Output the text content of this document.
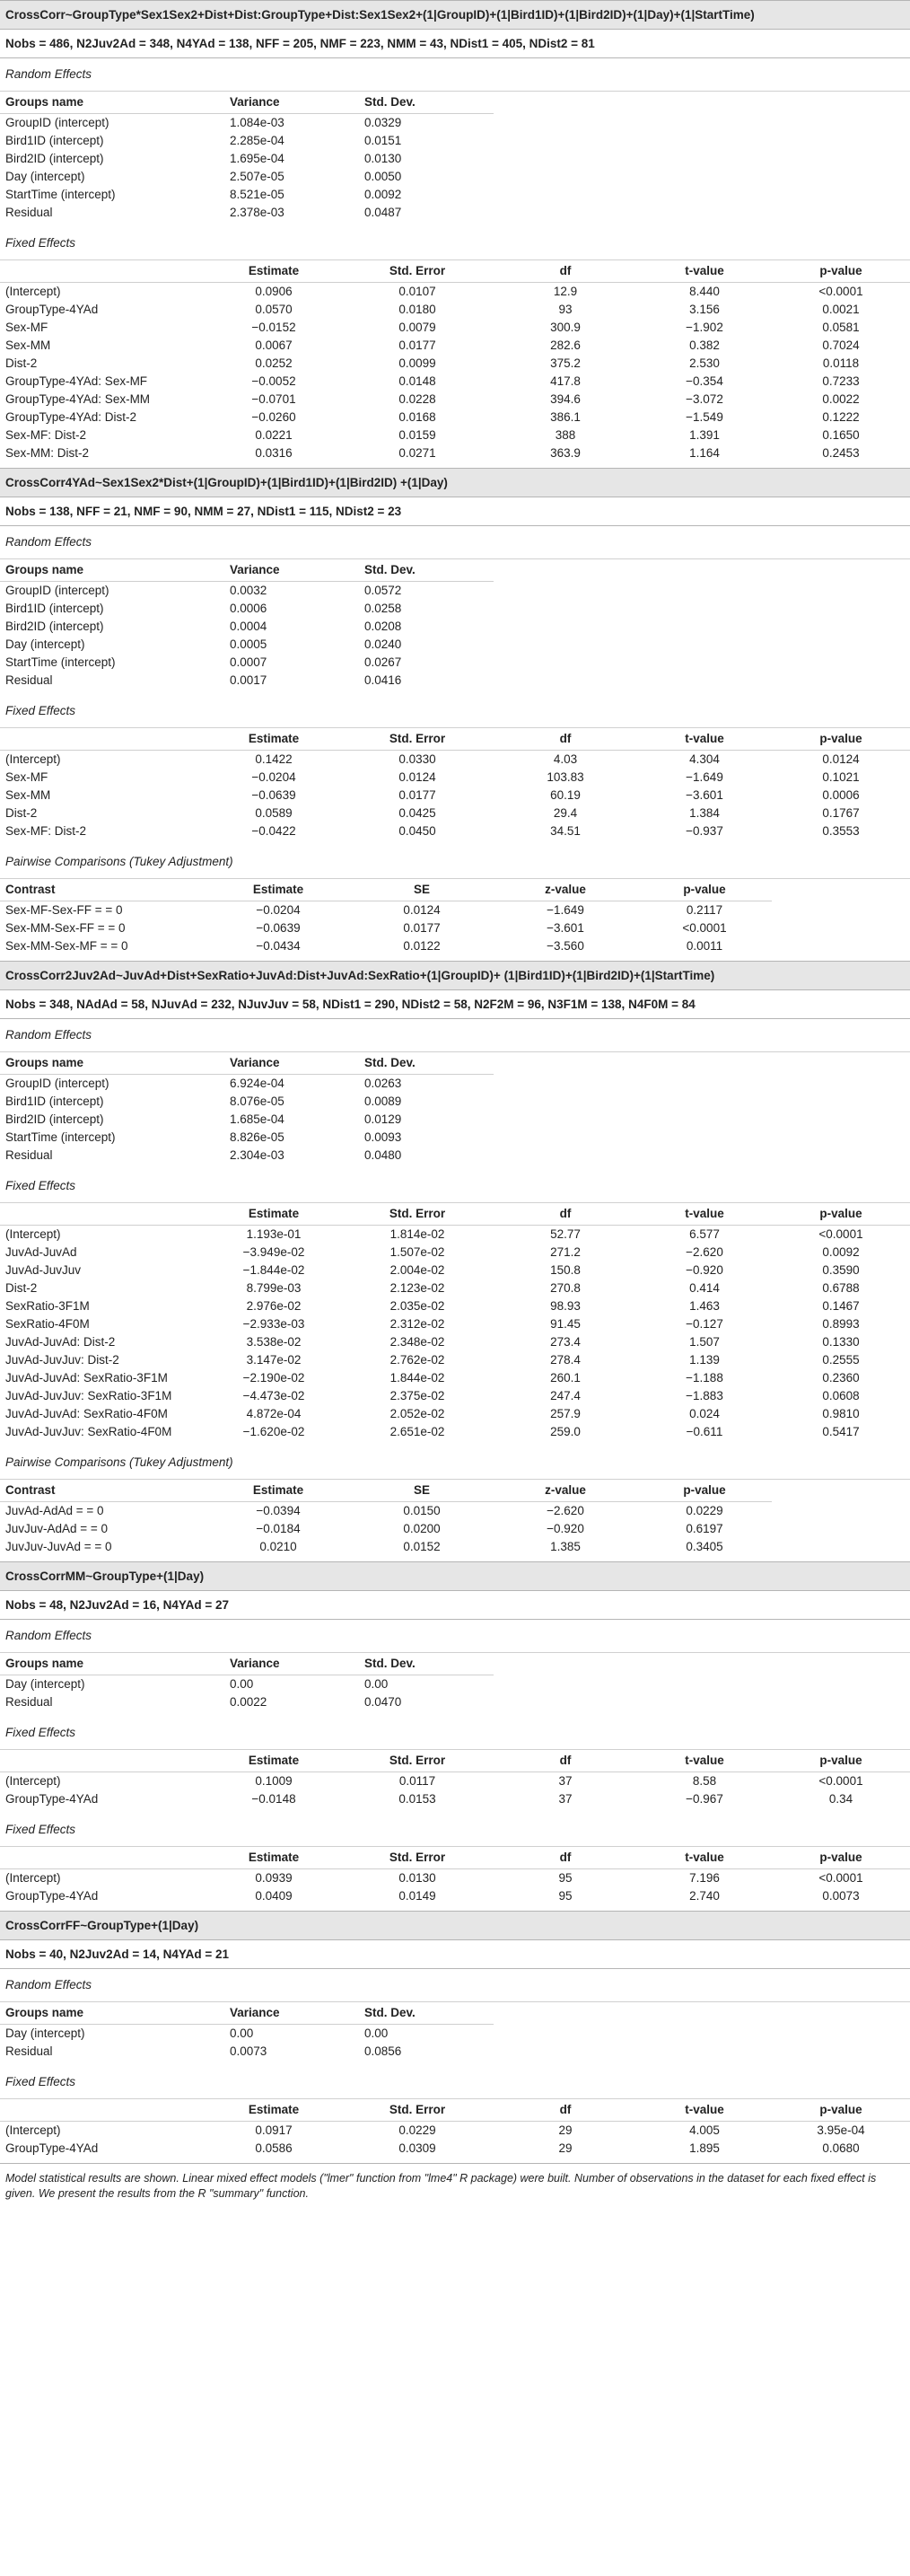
CrossCorr~GroupType*Sex1Sex2+Dist+Dist:GroupType+Dist:Sex1Sex2+(1|GroupID)+(1|Bird1ID)+(1|Bird2ID)+(1|Day)+(1|StartTime)
Nobs = 486, N2Juv2Ad = 348, N4YAd = 138, NFF = 205, NMF = 223, NMM = 43, NDist1 = 405, NDist2 = 81
Random Effects
Groups name	Variance	Std. Dev.
GroupID (intercept)	1.084e-03	0.0329
Bird1ID (intercept)	2.285e-04	0.0151
Bird2ID (intercept)	1.695e-04	0.0130
Day (intercept)	2.507e-05	0.0050
StartTime (intercept)	8.521e-05	0.0092
Residual	2.378e-03	0.0487
Fixed Effects
	Estimate	Std. Error	df	t-value	p-value
(Intercept)	0.0906	0.0107	12.9	8.440	<0.0001
GroupType-4YAd	0.0570	0.0180	93	3.156	0.0021
Sex-MF	−0.0152	0.0079	300.9	−1.902	0.0581
Sex-MM	0.0067	0.0177	282.6	0.382	0.7024
Dist-2	0.0252	0.0099	375.2	2.530	0.0118
GroupType-4YAd: Sex-MF	−0.0052	0.0148	417.8	−0.354	0.7233
GroupType-4YAd: Sex-MM	−0.0701	0.0228	394.6	−3.072	0.0022
GroupType-4YAd: Dist-2	−0.0260	0.0168	386.1	−1.549	0.1222
Sex-MF: Dist-2	0.0221	0.0159	388	1.391	0.1650
Sex-MM: Dist-2	0.0316	0.0271	363.9	1.164	0.2453
CrossCorr4YAd~Sex1Sex2*Dist+(1|GroupID)+(1|Bird1ID)+(1|Bird2ID) +(1|Day)
Nobs = 138, NFF = 21, NMF = 90, NMM = 27, NDist1 = 115, NDist2 = 23
Random Effects
Groups name	Variance	Std. Dev.
GroupID (intercept)	0.0032	0.0572
Bird1ID (intercept)	0.0006	0.0258
Bird2ID (intercept)	0.0004	0.0208
Day (intercept)	0.0005	0.0240
StartTime (intercept)	0.0007	0.0267
Residual	0.0017	0.0416
Fixed Effects
	Estimate	Std. Error	df	t-value	p-value
(Intercept)	0.1422	0.0330	4.03	4.304	0.0124
Sex-MF	−0.0204	0.0124	103.83	−1.649	0.1021
Sex-MM	−0.0639	0.0177	60.19	−3.601	0.0006
Dist-2	0.0589	0.0425	29.4	1.384	0.1767
Sex-MF: Dist-2	−0.0422	0.0450	34.51	−0.937	0.3553
Pairwise Comparisons (Tukey Adjustment)
Contrast	Estimate	SE	z-value	p-value
Sex-MF-Sex-FF = = 0	−0.0204	0.0124	−1.649	0.2117
Sex-MM-Sex-FF = = 0	−0.0639	0.0177	−3.601	<0.0001
Sex-MM-Sex-MF = = 0	−0.0434	0.0122	−3.560	0.0011
CrossCorr2Juv2Ad~JuvAd+Dist+SexRatio+JuvAd:Dist+JuvAd:SexRatio+(1|GroupID)+ (1|Bird1ID)+(1|Bird2ID)+(1|StartTime)
Nobs = 348, NAdAd = 58, NJuvAd = 232, NJuvJuv = 58, NDist1 = 290, NDist2 = 58, N2F2M = 96, N3F1M = 138, N4F0M = 84
Random Effects
Groups name	Variance	Std. Dev.
GroupID (intercept)	6.924e-04	0.0263
Bird1ID (intercept)	8.076e-05	0.0089
Bird2ID (intercept)	1.685e-04	0.0129
StartTime (intercept)	8.826e-05	0.0093
Residual	2.304e-03	0.0480
Fixed Effects
	Estimate	Std. Error	df	t-value	p-value
(Intercept)	1.193e-01	1.814e-02	52.77	6.577	<0.0001
JuvAd-JuvAd	−3.949e-02	1.507e-02	271.2	−2.620	0.0092
JuvAd-JuvJuv	−1.844e-02	2.004e-02	150.8	−0.920	0.3590
Dist-2	8.799e-03	2.123e-02	270.8	0.414	0.6788
SexRatio-3F1M	2.976e-02	2.035e-02	98.93	1.463	0.1467
SexRatio-4F0M	−2.933e-03	2.312e-02	91.45	−0.127	0.8993
JuvAd-JuvAd: Dist-2	3.538e-02	2.348e-02	273.4	1.507	0.1330
JuvAd-JuvJuv: Dist-2	3.147e-02	2.762e-02	278.4	1.139	0.2555
JuvAd-JuvAd: SexRatio-3F1M	−2.190e-02	1.844e-02	260.1	−1.188	0.2360
JuvAd-JuvJuv: SexRatio-3F1M	−4.473e-02	2.375e-02	247.4	−1.883	0.0608
JuvAd-JuvAd: SexRatio-4F0M	4.872e-04	2.052e-02	257.9	0.024	0.9810
JuvAd-JuvJuv: SexRatio-4F0M	−1.620e-02	2.651e-02	259.0	−0.611	0.5417
Pairwise Comparisons (Tukey Adjustment)
Contrast	Estimate	SE	z-value	p-value
JuvAd-AdAd = = 0	−0.0394	0.0150	−2.620	0.0229
JuvJuv-AdAd = = 0	−0.0184	0.0200	−0.920	0.6197
JuvJuv-JuvAd = = 0	0.0210	0.0152	1.385	0.3405
CrossCorrMM~GroupType+(1|Day)
Nobs = 48, N2Juv2Ad = 16, N4YAd = 27
Random Effects
Groups name	Variance	Std. Dev.
Day (intercept)	0.00	0.00
Residual	0.0022	0.0470
Fixed Effects
	Estimate	Std. Error	df	t-value	p-value
(Intercept)	0.1009	0.0117	37	8.58	<0.0001
GroupType-4YAd	−0.0148	0.0153	37	−0.967	0.34
Fixed Effects
	Estimate	Std. Error	df	t-value	p-value
(Intercept)	0.0939	0.0130	95	7.196	<0.0001
GroupType-4YAd	0.0409	0.0149	95	2.740	0.0073
CrossCorrFF~GroupType+(1|Day)
Nobs = 40, N2Juv2Ad = 14, N4YAd = 21
Random Effects
Groups name	Variance	Std. Dev.
Day (intercept)	0.00	0.00
Residual	0.0073	0.0856
Fixed Effects
	Estimate	Std. Error	df	t-value	p-value
(Intercept)	0.0917	0.0229	29	4.005	3.95e-04
GroupType-4YAd	0.0586	0.0309	29	1.895	0.0680
Model statistical results are shown. Linear mixed effect models ("lmer" function from "lme4" R package) were built. Number of observations in the dataset for each fixed effect is given. We present the results from the R "summary" function.
